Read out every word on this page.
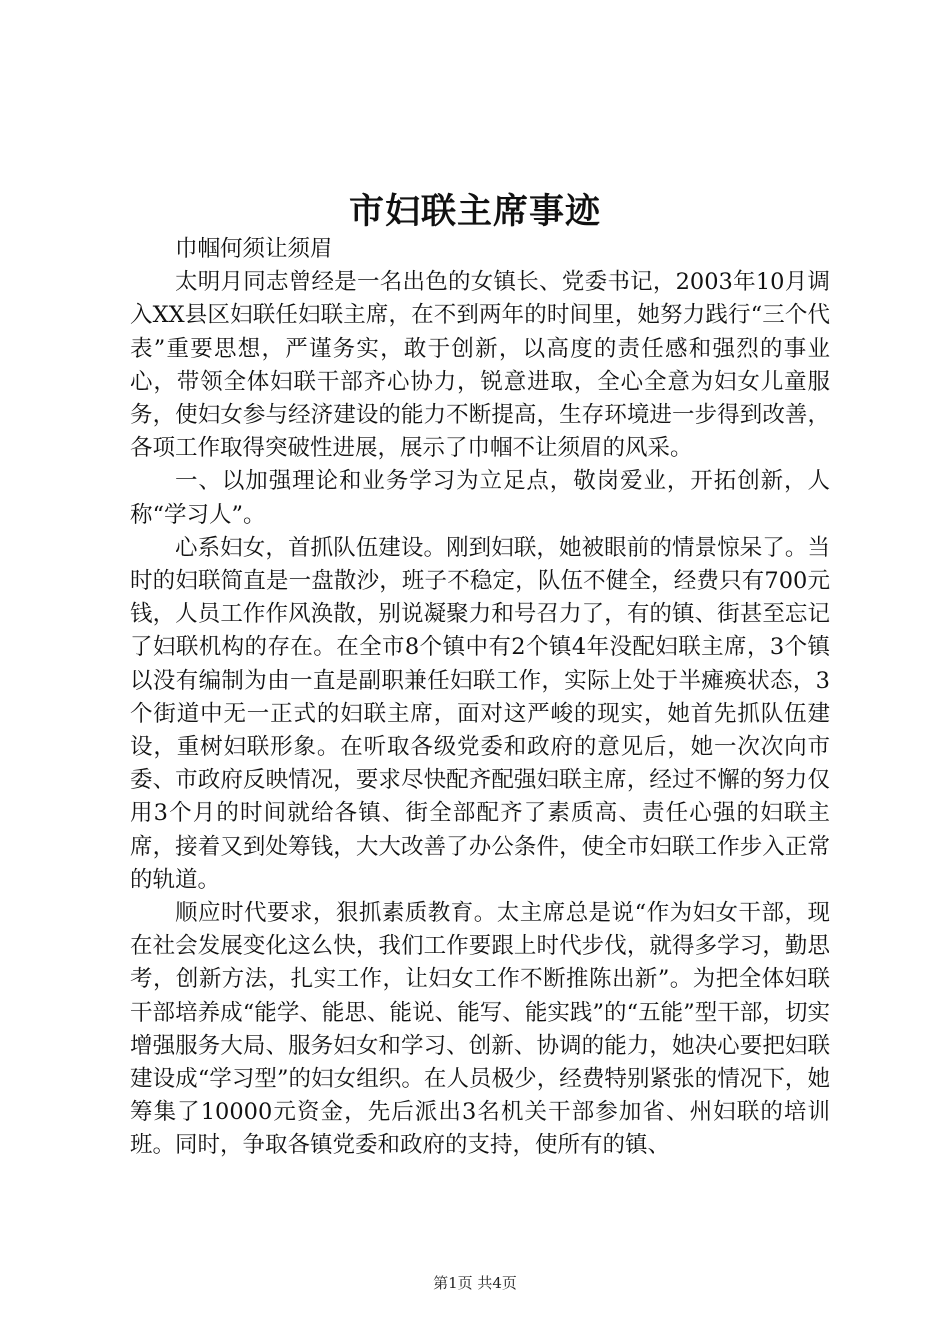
市妇联主席事迹

巾帼何须让须眉

太明月同志曾经是一名出色的女镇长、党委书记，2003年10月调入XX县区妇联任妇联主席，在不到两年的时间里，她努力践行“三个代表”重要思想，严谨务实，敢于创新，以高度的责任感和强烈的事业心，带领全体妇联干部齐心协力，锐意进取，全心全意为妇女儿童服务，使妇女参与经济建设的能力不断提高，生存环境进一步得到改善，各项工作取得突破性进展，展示了巾帼不让须眉的风采。

一、以加强理论和业务学习为立足点，敬岗爱业，开拓创新，人称“学习人”。

心系妇女，首抓队伍建设。刚到妇联，她被眼前的情景惊呆了。当时的妇联简直是一盘散沙，班子不稳定，队伍不健全，经费只有700元钱，人员工作作风涣散，别说凝聚力和号召力了，有的镇、街甚至忘记了妇联机构的存在。在全市8个镇中有2个镇4年没配妇联主席，3个镇以没有编制为由一直是副职兼任妇联工作，实际上处于半瘫痪状态，3个街道中无一正式的妇联主席，面对这严峻的现实，她首先抓队伍建设，重树妇联形象。在听取各级党委和政府的意见后，她一次次向市委、市政府反映情况，要求尽快配齐配强妇联主席，经过不懈的努力仅用3个月的时间就给各镇、街全部配齐了素质高、责任心强的妇联主席，接着又到处筹钱，大大改善了办公条件，使全市妇联工作步入正常的轨道。

顺应时代要求，狠抓素质教育。太主席总是说“作为妇女干部，现在社会发展变化这么快，我们工作要跟上时代步伐，就得多学习，勤思考，创新方法，扎实工作，让妇女工作不断推陈出新”。为把全体妇联干部培养成“能学、能思、能说、能写、能实践”的“五能”型干部，切实增强服务大局、服务妇女和学习、创新、协调的能力，她决心要把妇联建设成“学习型”的妇女组织。在人员极少，经费特别紧张的情况下，她筹集了10000元资金，先后派出3名机关干部参加省、州妇联的培训班。同时，争取各镇党委和政府的支持，使所有的镇、

第1页 共4页
